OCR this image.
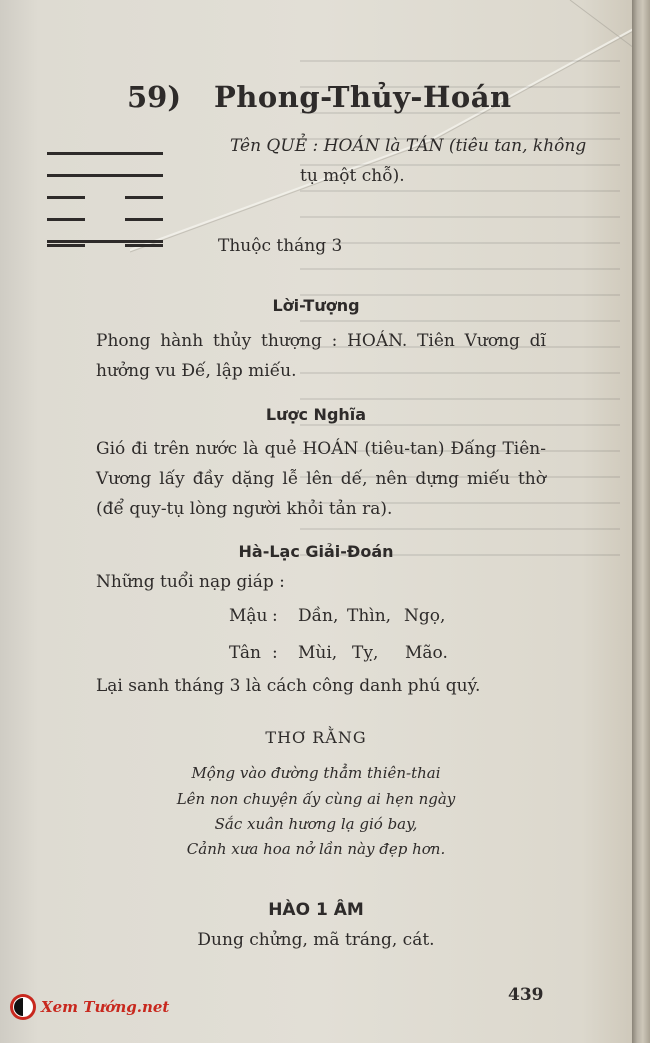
59) Phong-Thủy-Hoán
Tên QUẺ : HOÁN là TÁN (tiêu tan, không
tụ một chỗ).
Thuộc tháng 3
Lời-Tượng
Phong hành thủy thượng : HOÁN. Tiên Vương dĩ hưởng vu Đế, lập miếu.
Lược Nghĩa
Gió đi trên nước là quẻ HOÁN (tiêu-tan) Đấng Tiên-Vương lấy đầy dặng lễ lên dế, nên dựng miếu thờ (để quy-tụ lòng người khỏi tản ra).
Hà-Lạc Giải-Đoán
Những tuổi nạp giáp :
Mậu : Dần, Thìn, Ngọ,
Tân : Mùi, Tỵ, Mão.
Lại sanh tháng 3 là cách công danh phú quý.
THƠ RẰNG
Mộng vào đường thẳm thiên-thai
Lên non chuyện ấy cùng ai hẹn ngày
Sắc xuân hương lạ gió bay,
Cảnh xưa hoa nở lần này đẹp hơn.
HÀO 1 ÂM
Dung chửng, mã tráng, cát.
439
Xem Tướng.net
